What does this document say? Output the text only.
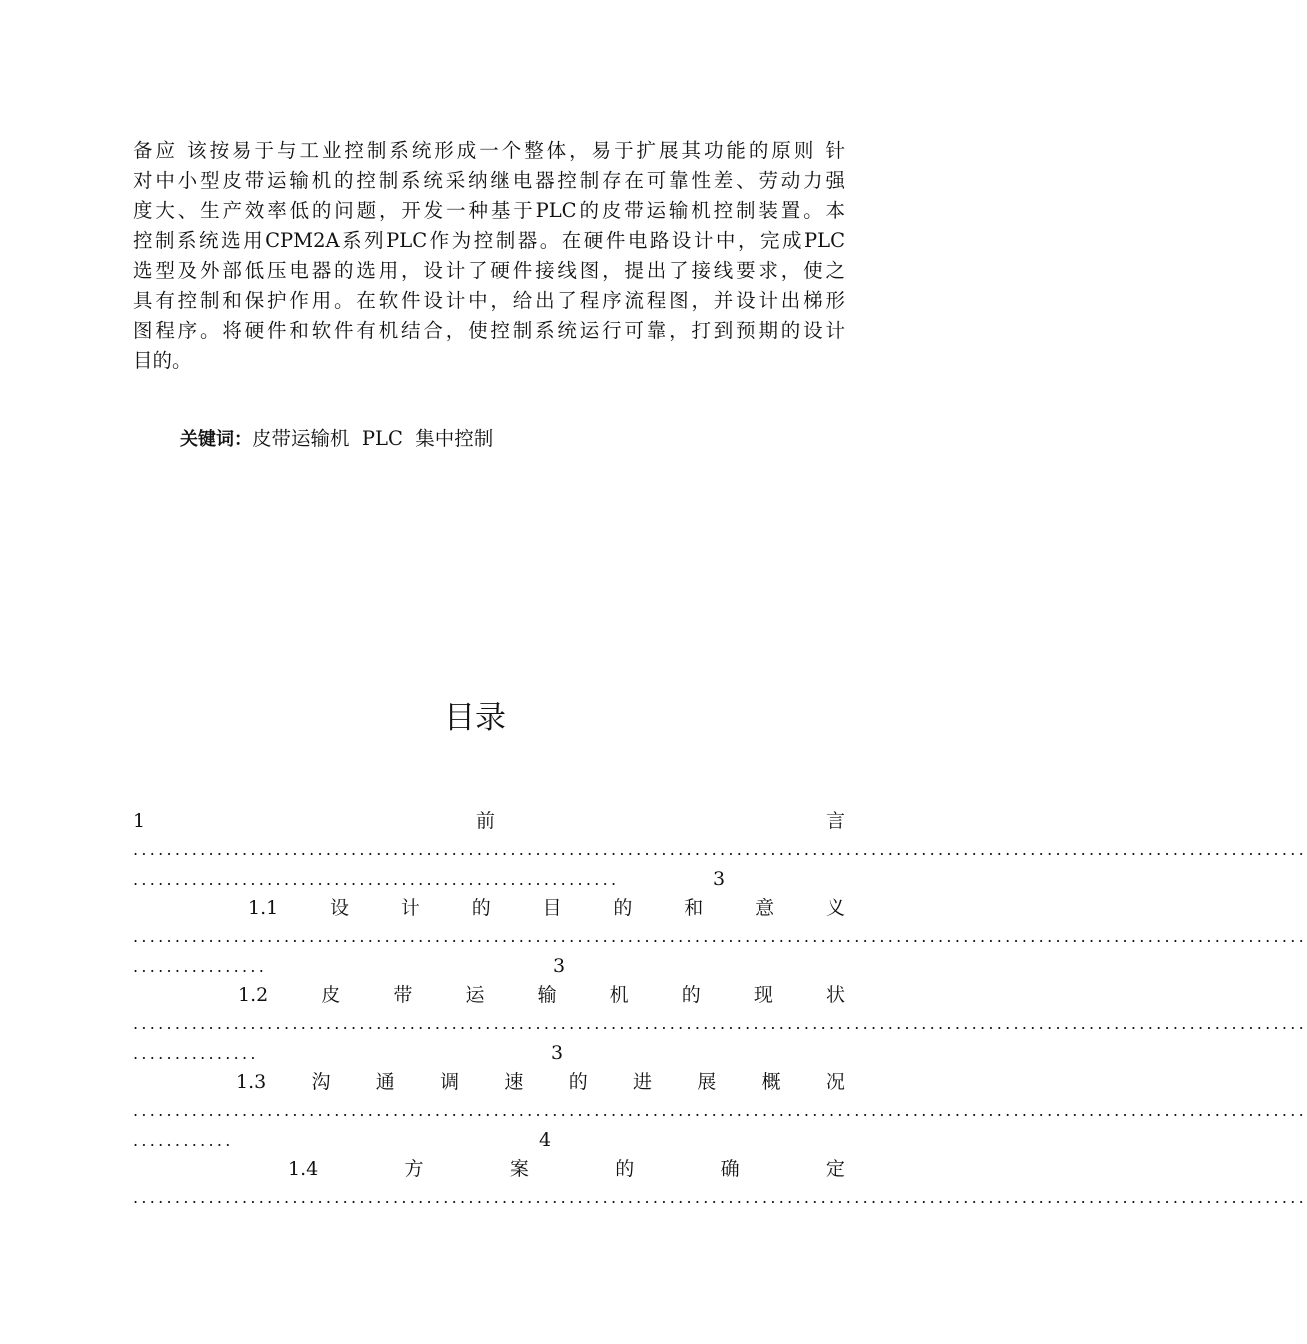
备应 该按易于与工业控制系统形成一个整体，易于扩展其功能的原则 针
对中小型皮带运输机的控制系统采纳继电器控制存在可靠性差、劳动力强
度大、生产效率低的问题，开发一种基于PLC的皮带运输机控制装置。本
控制系统选用CPM2A系列PLC作为控制器。在硬件电路设计中，完成PLC
选型及外部低压电器的选用，设计了硬件接线图，提出了接线要求，使之
具有控制和保护作用。在软件设计中，给出了程序流程图，并设计出梯形
图程序。将硬件和软件有机结合，使控制系统运行可靠，打到预期的设计
目的。
关键词：皮带运输机  PLC  集中控制
目录
1	前	言
............................................................................................................................................
..........................................................	3
1.1	设	计	的	目	的	和	意	义
............................................................................................................................................
................	3
1.2	皮	带	运	输	机	的	现	状
............................................................................................................................................
...............	3
1.3 沟 通 调 速 的 进 展 概 况
............................................................................................................................................
............	4
1.4	方	案	的	确	定
............................................................................................................................................
